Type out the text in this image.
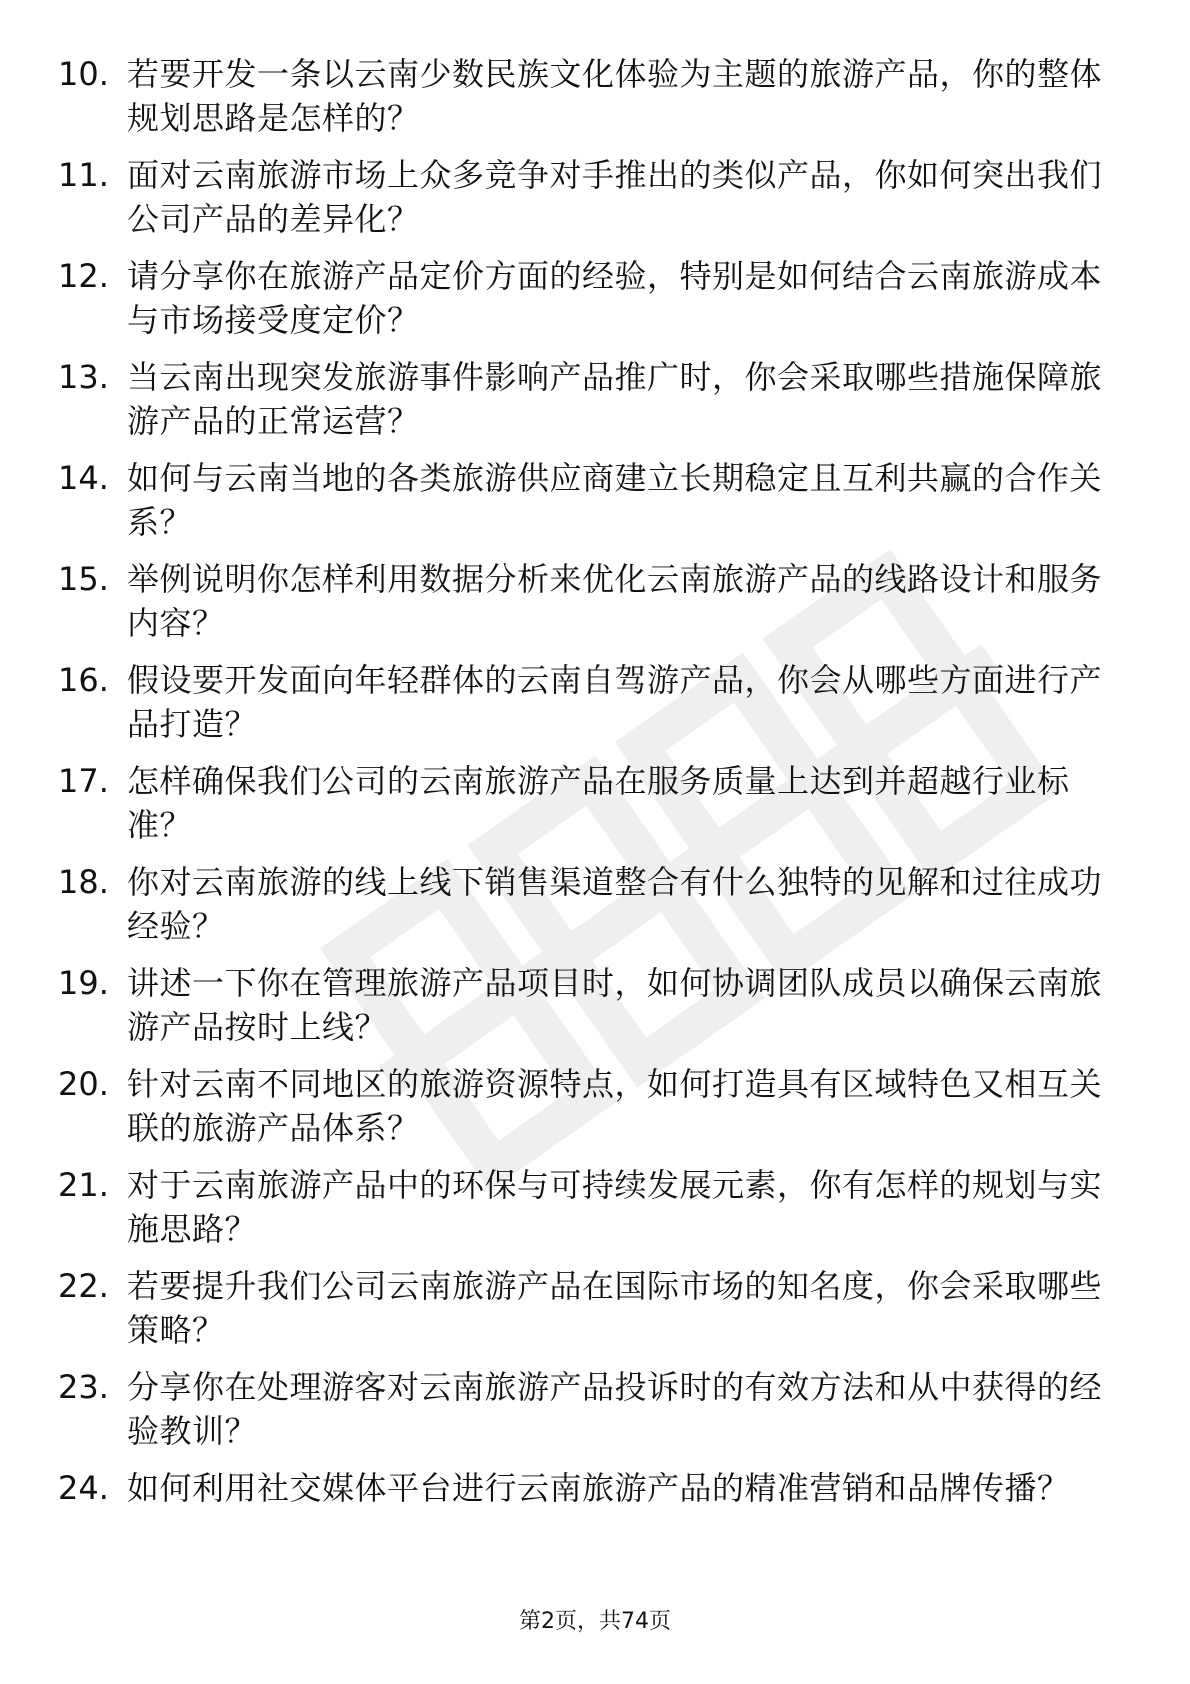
10. 若要开发一条以云南少数民族文化体验为主题的旅游产品，你的整体规划思路是怎样的？
11. 面对云南旅游市场上众多竞争对手推出的类似产品，你如何突出我们公司产品的差异化？
12. 请分享你在旅游产品定价方面的经验，特别是如何结合云南旅游成本与市场接受度定价？
13. 当云南出现突发旅游事件影响产品推广时，你会采取哪些措施保障旅游产品的正常运营？
14. 如何与云南当地的各类旅游供应商建立长期稳定且互利共赢的合作关系？
15. 举例说明你怎样利用数据分析来优化云南旅游产品的线路设计和服务内容？
16. 假设要开发面向年轻群体的云南自驾游产品，你会从哪些方面进行产品打造？
17. 怎样确保我们公司的云南旅游产品在服务质量上达到并超越行业标准？
18. 你对云南旅游的线上线下销售渠道整合有什么独特的见解和过往成功经验？
19. 讲述一下你在管理旅游产品项目时，如何协调团队成员以确保云南旅游产品按时上线？
20. 针对云南不同地区的旅游资源特点，如何打造具有区域特色又相互关联的旅游产品体系？
21. 对于云南旅游产品中的环保与可持续发展元素，你有怎样的规划与实施思路？
22. 若要提升我们公司云南旅游产品在国际市场的知名度，你会采取哪些策略？
23. 分享你在处理游客对云南旅游产品投诉时的有效方法和从中获得的经验教训？
24. 如何利用社交媒体平台进行云南旅游产品的精准营销和品牌传播？
第2页，共74页
